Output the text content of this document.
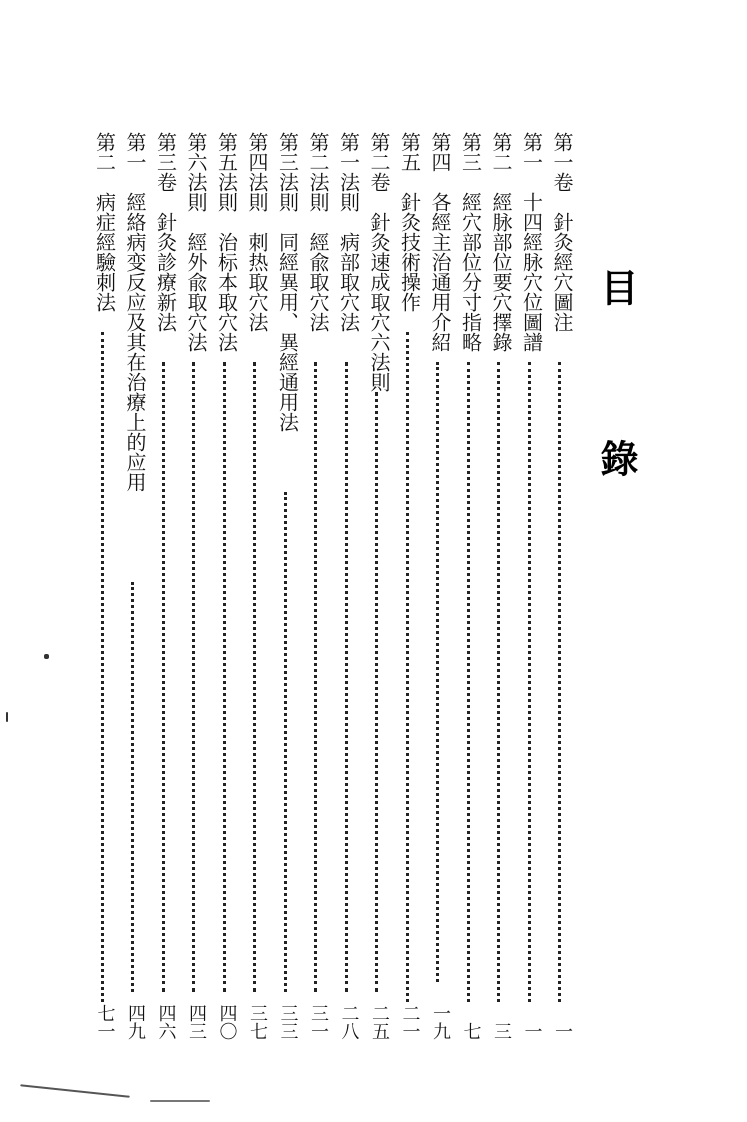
目 錄
第一卷　針灸經穴圖注
一
第一　十四經脉穴位圖譜
一
第二　經脉部位要穴擇錄
三
第三　經穴部位分寸指略
七
第四　各經主治通用介紹
一九
第五　針灸技術操作
二一
第二卷　針灸速成取穴六法則
二五
第一法則　病部取穴法
二八
第二法則　經兪取穴法
三一
第三法則　同經異用、異經通用法
三三
第四法則　刺热取穴法
三七
第五法則　治标本取穴法
四〇
第六法則　經外兪取穴法
四三
第三卷　針灸診療新法
四六
第一　經絡病变反应及其在治療上的应用
四九
第二　病症經驗刺法
七一
